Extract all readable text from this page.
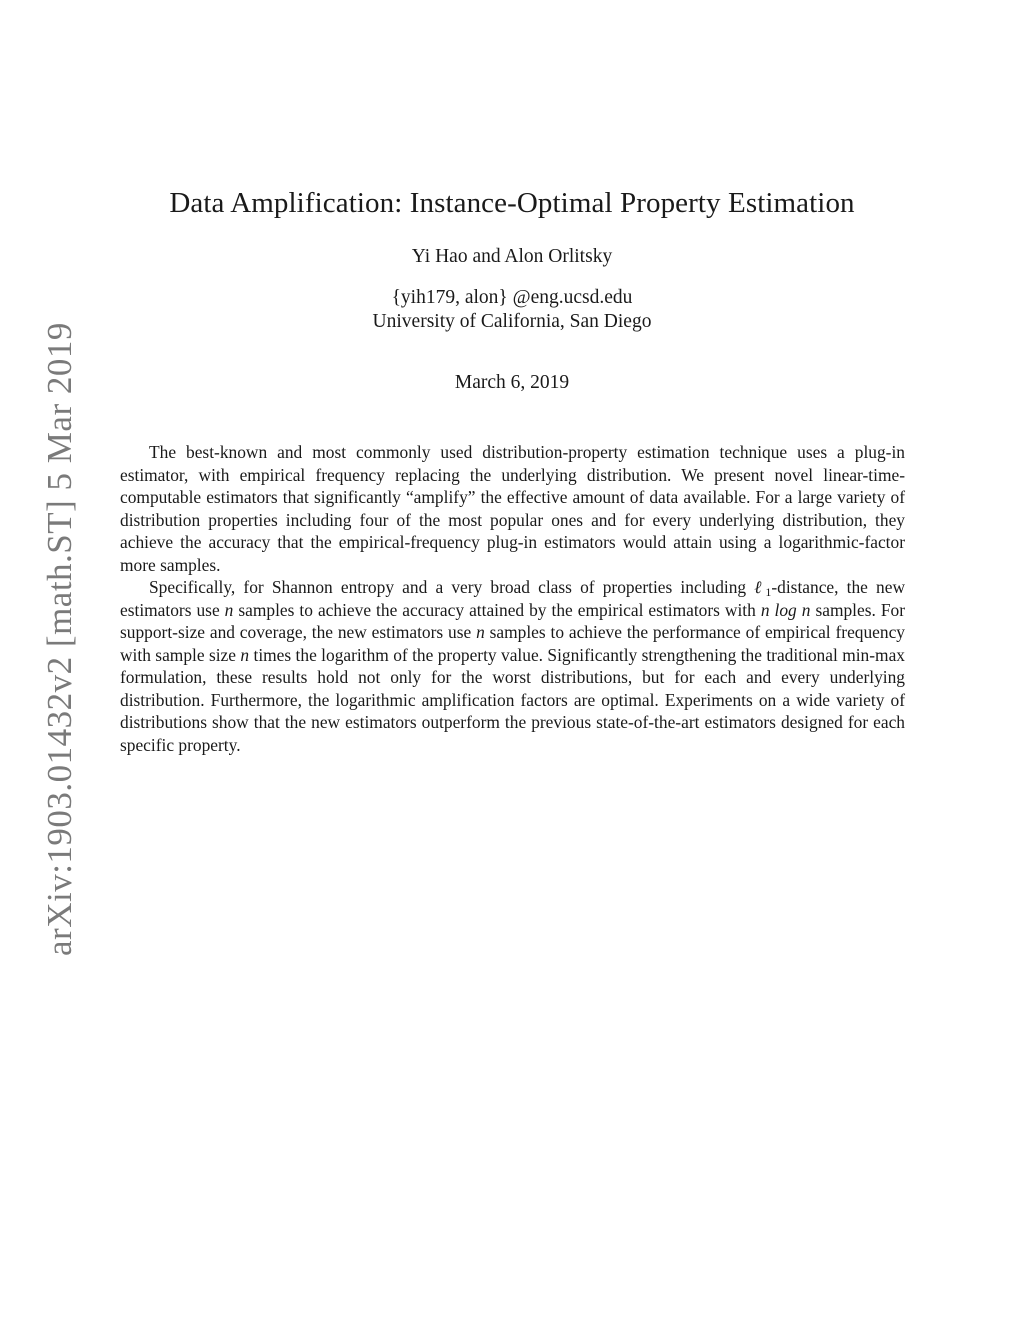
arXiv:1903.01432v2 [math.ST] 5 Mar 2019
Data Amplification: Instance-Optimal Property Estimation
Yi Hao and Alon Orlitsky
{yih179, alon} @eng.ucsd.edu
University of California, San Diego
March 6, 2019

The best-known and most commonly used distribution-property estimation technique uses a plug-in estimator, with empirical frequency replacing the underlying distribution. We present novel linear-time-computable estimators that significantly “amplify” the effective amount of data available. For a large variety of distribution properties including four of the most popular ones and for every underlying distribution, they achieve the accuracy that the empirical-frequency plug-in estimators would attain using a logarithmic-factor more samples.

Specifically, for Shannon entropy and a very broad class of properties including ℓ$_1$-distance, the new estimators use n samples to achieve the accuracy attained by the empirical estimators with n log n samples. For support-size and coverage, the new estimators use n samples to achieve the performance of empirical frequency with sample size n times the logarithm of the property value. Significantly strengthening the traditional min-max formulation, these results hold not only for the worst distributions, but for each and every underlying distribution. Furthermore, the logarithmic amplification factors are optimal. Experiments on a wide variety of distributions show that the new estimators outperform the previous state-of-the-art estimators designed for each specific property.
